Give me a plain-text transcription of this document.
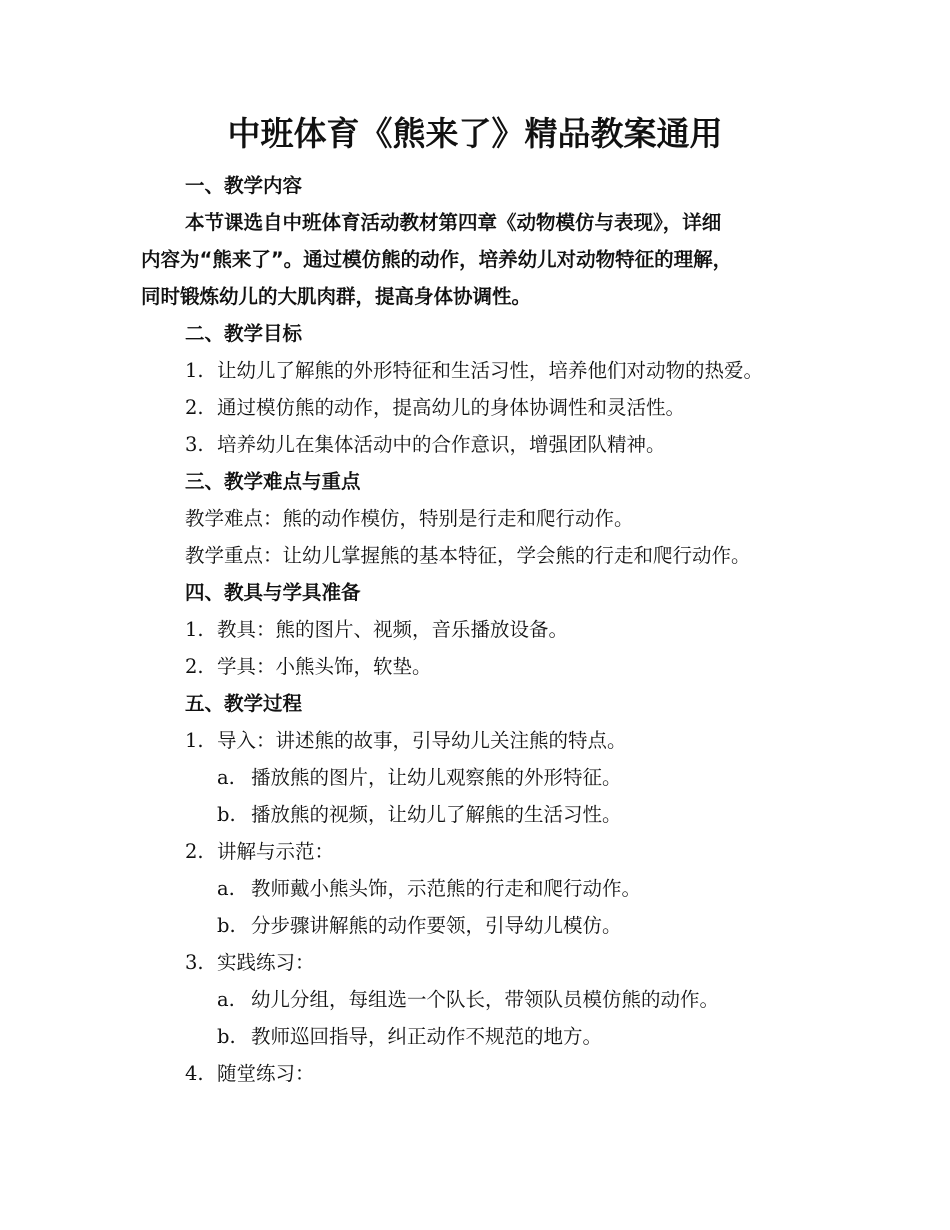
中班体育《熊来了》精品教案通用
一、教学内容
本节课选自中班体育活动教材第四章《动物模仿与表现》，详细
内容为“熊来了”。通过模仿熊的动作，培养幼儿对动物特征的理解，
同时锻炼幼儿的大肌肉群，提高身体协调性。
二、教学目标
1. 让幼儿了解熊的外形特征和生活习性，培养他们对动物的热爱。
2. 通过模仿熊的动作，提高幼儿的身体协调性和灵活性。
3. 培养幼儿在集体活动中的合作意识，增强团队精神。
三、教学难点与重点
教学难点：熊的动作模仿，特别是行走和爬行动作。
教学重点：让幼儿掌握熊的基本特征，学会熊的行走和爬行动作。
四、教具与学具准备
1. 教具：熊的图片、视频，音乐播放设备。
2. 学具：小熊头饰，软垫。
五、教学过程
1. 导入：讲述熊的故事，引导幼儿关注熊的特点。
a. 播放熊的图片，让幼儿观察熊的外形特征。
b. 播放熊的视频，让幼儿了解熊的生活习性。
2. 讲解与示范：
a. 教师戴小熊头饰，示范熊的行走和爬行动作。
b. 分步骤讲解熊的动作要领，引导幼儿模仿。
3. 实践练习：
a. 幼儿分组，每组选一个队长，带领队员模仿熊的动作。
b. 教师巡回指导，纠正动作不规范的地方。
4. 随堂练习：
